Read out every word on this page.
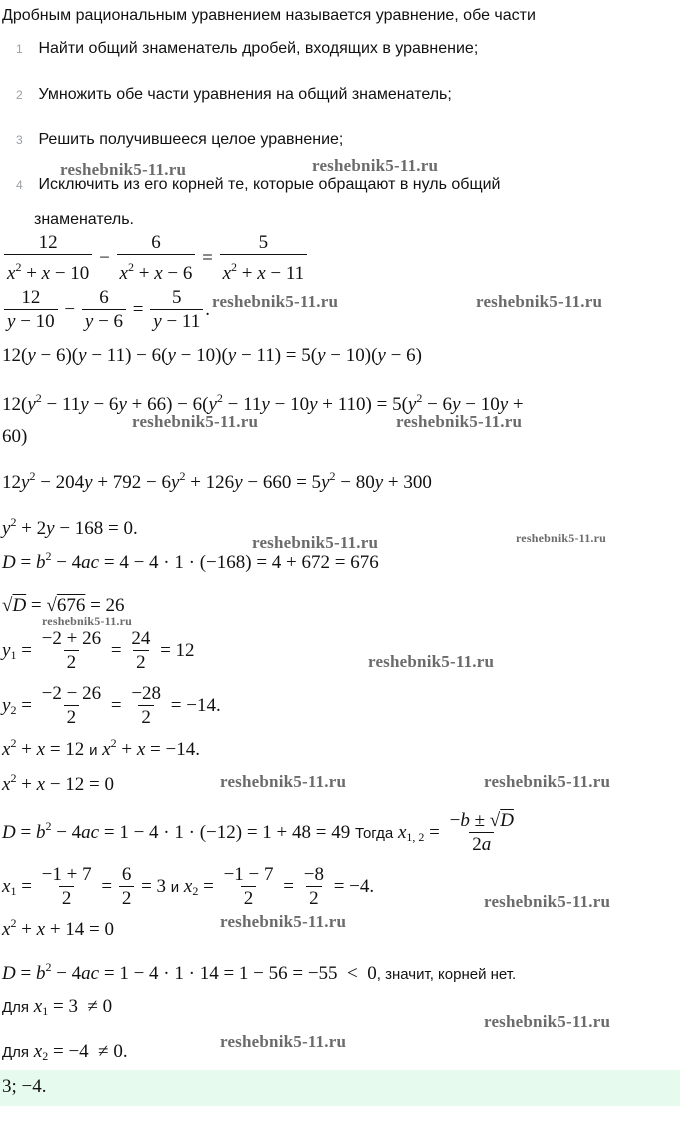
Дробным рациональным уравнением называется уравнение, обе части
1 Найти общий знаменатель дробей, входящих в уравнение;
2 Умножить обе части уравнения на общий знаменатель;
3 Решить получившееся целое уравнение;
4 Исключить из его корней те, которые обращают в нуль общий
знаменатель.
$\frac{12}{x^2 + x - 10} - \frac{6}{x^2 + x - 6} = \frac{5}{x^2 + x - 11}$
$\frac{12}{y - 10} - \frac{6}{y - 6} = \frac{5}{y - 11}$ .
12(y − 6)(y − 11) − 6(y − 10)(y − 11) = 5(y − 10)(y − 6)
$12(y^2 - 11y - 6y + 66) - 6(y^2 - 11y - 10y + 110) = 5(y^2 - 6y - 10y$ +
60)
$12y^2 - 204y + 792 - 6y^2 + 126y - 660 = 5y^2 - 80y + 300$
$y^2 + 2y - 168 = 0$.
$D = b^2 - 4ac = 4 - 4 \cdot 1 \cdot (-168) = 4 + 672 = 676$
√D = √676 = 26
$y_1 = \frac{-2 + 26}{2} = \frac{24}{2} = 12$
$y_2 = \frac{-2 - 26}{2} = \frac{-28}{2} = -14$.
$x^2 + x = 12$ и $x^2 + x = -14$.
$x^2 + x - 12 = 0$
$D = b^2 - 4ac = 1 - 4 \cdot 1 \cdot (-12) = 1 + 48 = 49$ Тогда $x_{1, 2} = \frac{-b \pm √D}{2a}$
$x_1 = \frac{-1 + 7}{2} = \frac{6}{2} = 3$ и $x_2 = \frac{-1 - 7}{2} = \frac{-8}{2} = -4$.
$x^2 + x + 14 = 0$
$D = b^2 - 4ac = 1 - 4 \cdot 1 \cdot 14 = 1 - 56 = -55 < 0$, значит, корней нет.
Для $x_1 = 3 \ne 0$
Для $x_2 = -4 \ne 0$.
3; −4.
reshebnik5-11.ru	reshebnik5-11.ru
reshebnik5-11.ru	reshebnik5-11.ru
reshebnik5-11.ru	reshebnik5-11.ru
reshebnik5-11.ru	reshebnik5-11.ru
reshebnik5-11.ru
reshebnik5-11.ru
reshebnik5-11.ru	reshebnik5-11.ru
reshebnik5-11.ru
reshebnik5-11.ru
reshebnik5-11.ru
reshebnik5-11.ru
